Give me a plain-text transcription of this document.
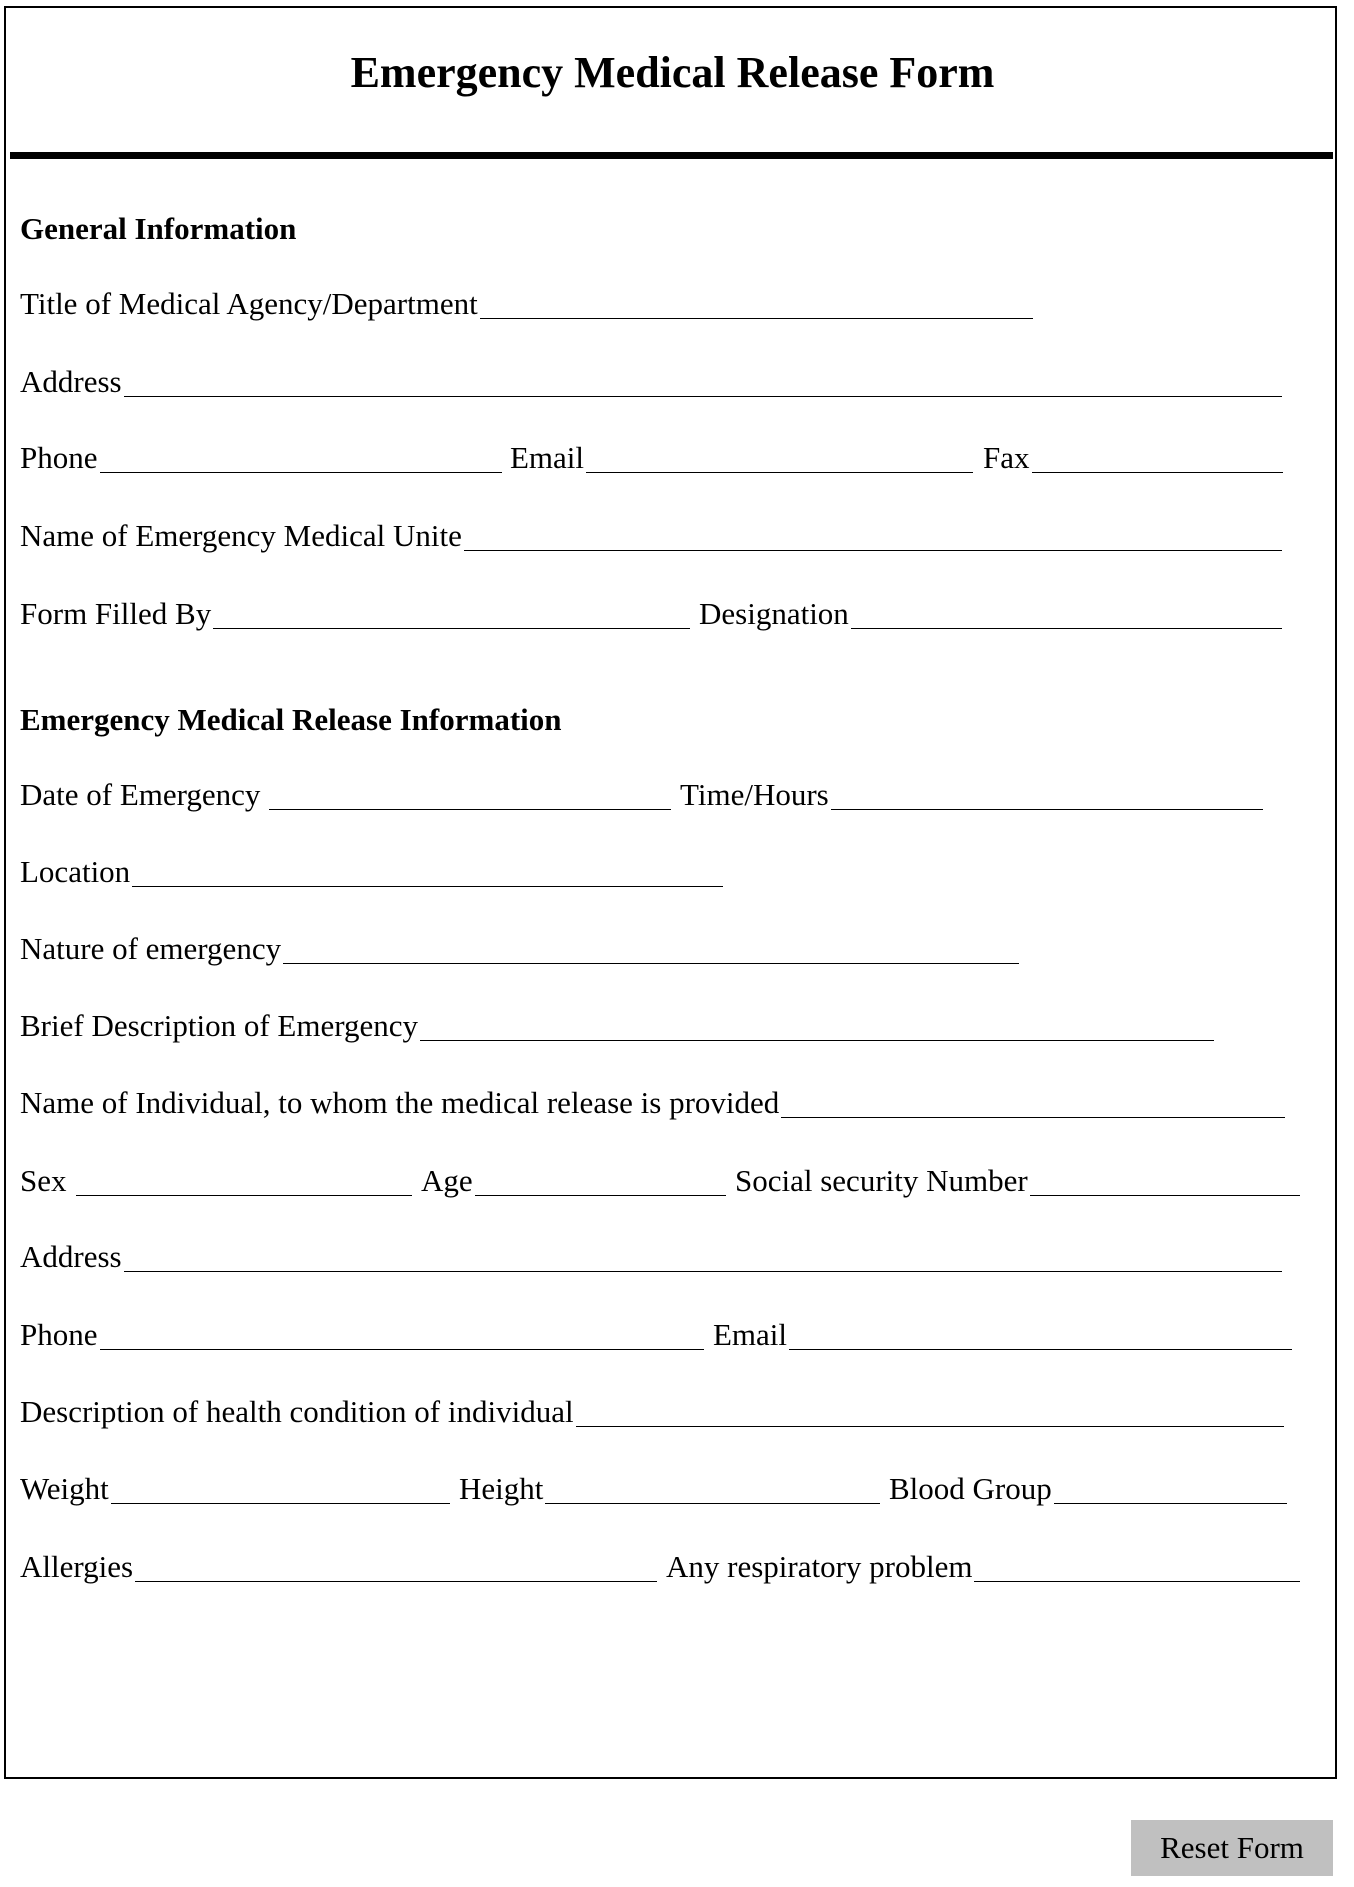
Emergency Medical Release Form
General Information
Title of Medical Agency/Department
Address
Phone	Email	Fax
Name of Emergency Medical Unite
Form Filled By	Designation
Emergency Medical Release Information
Date of Emergency	Time/Hours
Location
Nature of emergency
Brief Description of Emergency
Name of Individual, to whom the medical release is provided
Sex	Age	Social security Number
Address
Phone	Email
Description of health condition of individual
Weight	Height	Blood Group
Allergies	Any respiratory problem
Reset Form
